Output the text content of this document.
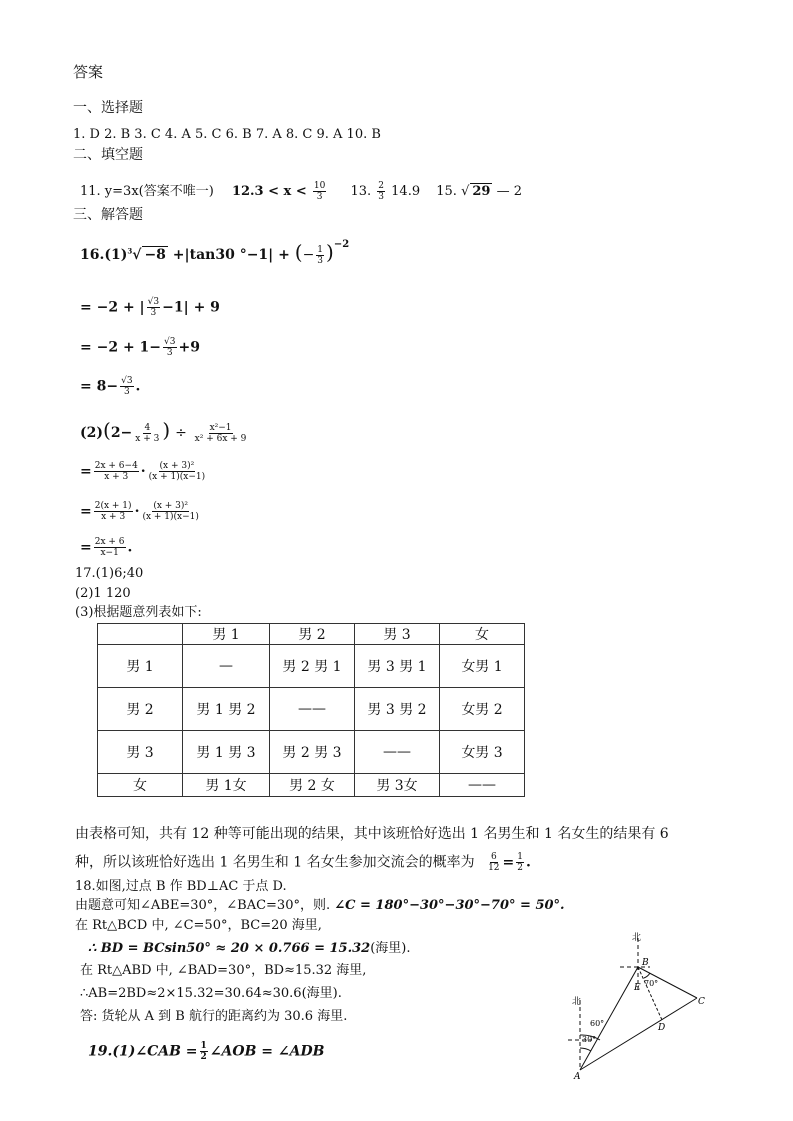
答案
一、选择题
1. D 2. B 3. C 4. A 5. C 6. B 7. A 8. C 9. A 10. B
二、填空题
11. y=3x(答案不唯一) $12.3 < x < \frac{10}{3} 13$. $\frac{2}{3} 14.9$ 15. √ 29 — 2
三、解答题
$16.(1)^3√ -8 +|\tan 30$ °−1| + (− $\frac{1}{3} )^{-2}$
= −2 + | $\frac{√3}{3} -1| + 9$
= $-2 + 1- \frac{√3}{3} +9$
= $8- \frac{√3}{3}$ .
$(2)(2- \frac{4}{x + 3}$ ) ÷ $\frac{\text{x²−1}}{\text{x² + 6x + 9}}$
= $\frac{2x + 6-4}{x + 3} \cdot \frac{\text{(x + 3)²}}{(x + 1)(x-1)}$
= $\frac{2(x + 1)}{x + 3} \cdot \frac{\text{(x + 3)²}}{(x + 1)(x-1)}$
= $\frac{2x + 6}{x-1}$ .
17.(1)6;40
(2)1 120
(3)根据题意列表如下:
	男 1	男 2	男 3	女
男 1	—	男 2 男 1	男 3 男 1	女男 1
男 2	男 1 男 2	——	男 3 男 2	女男 2
男 3	男 1 男 3	男 2 男 3	——	女男 3
女	男 1女	男 2 女	男 3女	——
由表格可知，共有 12 种等可能出现的结果，其中该班恰好选出 1 名男生和 1 名女生的结果有 6
种，所以该班恰好选出 1 名男生和 1 名女生参加交流会的概率为 $\frac{6}{12} = \frac{1}{2}$ .
18.如图,过点 B 作 BD⊥AC 于点 D.
由题意可知∠ABE=30°，∠BAC=30°，则. ∠C = 180°−30°−30°−70° = 50°.
在 Rt△BCD 中, ∠C=50°，BC=20 海里,
∴ BD = BCsin50° ≈ 20 × 0.766 = 15.32(海里).
在 Rt△ABD 中, ∠BAD=30°，BD≈15.32 海里,
∴AB=2BD≈2×15.32=30.64≈30.6(海里).
答: 货轮从 A 到 B 航行的距离约为 30.6 海里.
19.(1)∠CAB = $\frac{1}{2}$ ∠AOB = ∠ADB
北
北
B
E
C
D
A
70°
60°
30°
